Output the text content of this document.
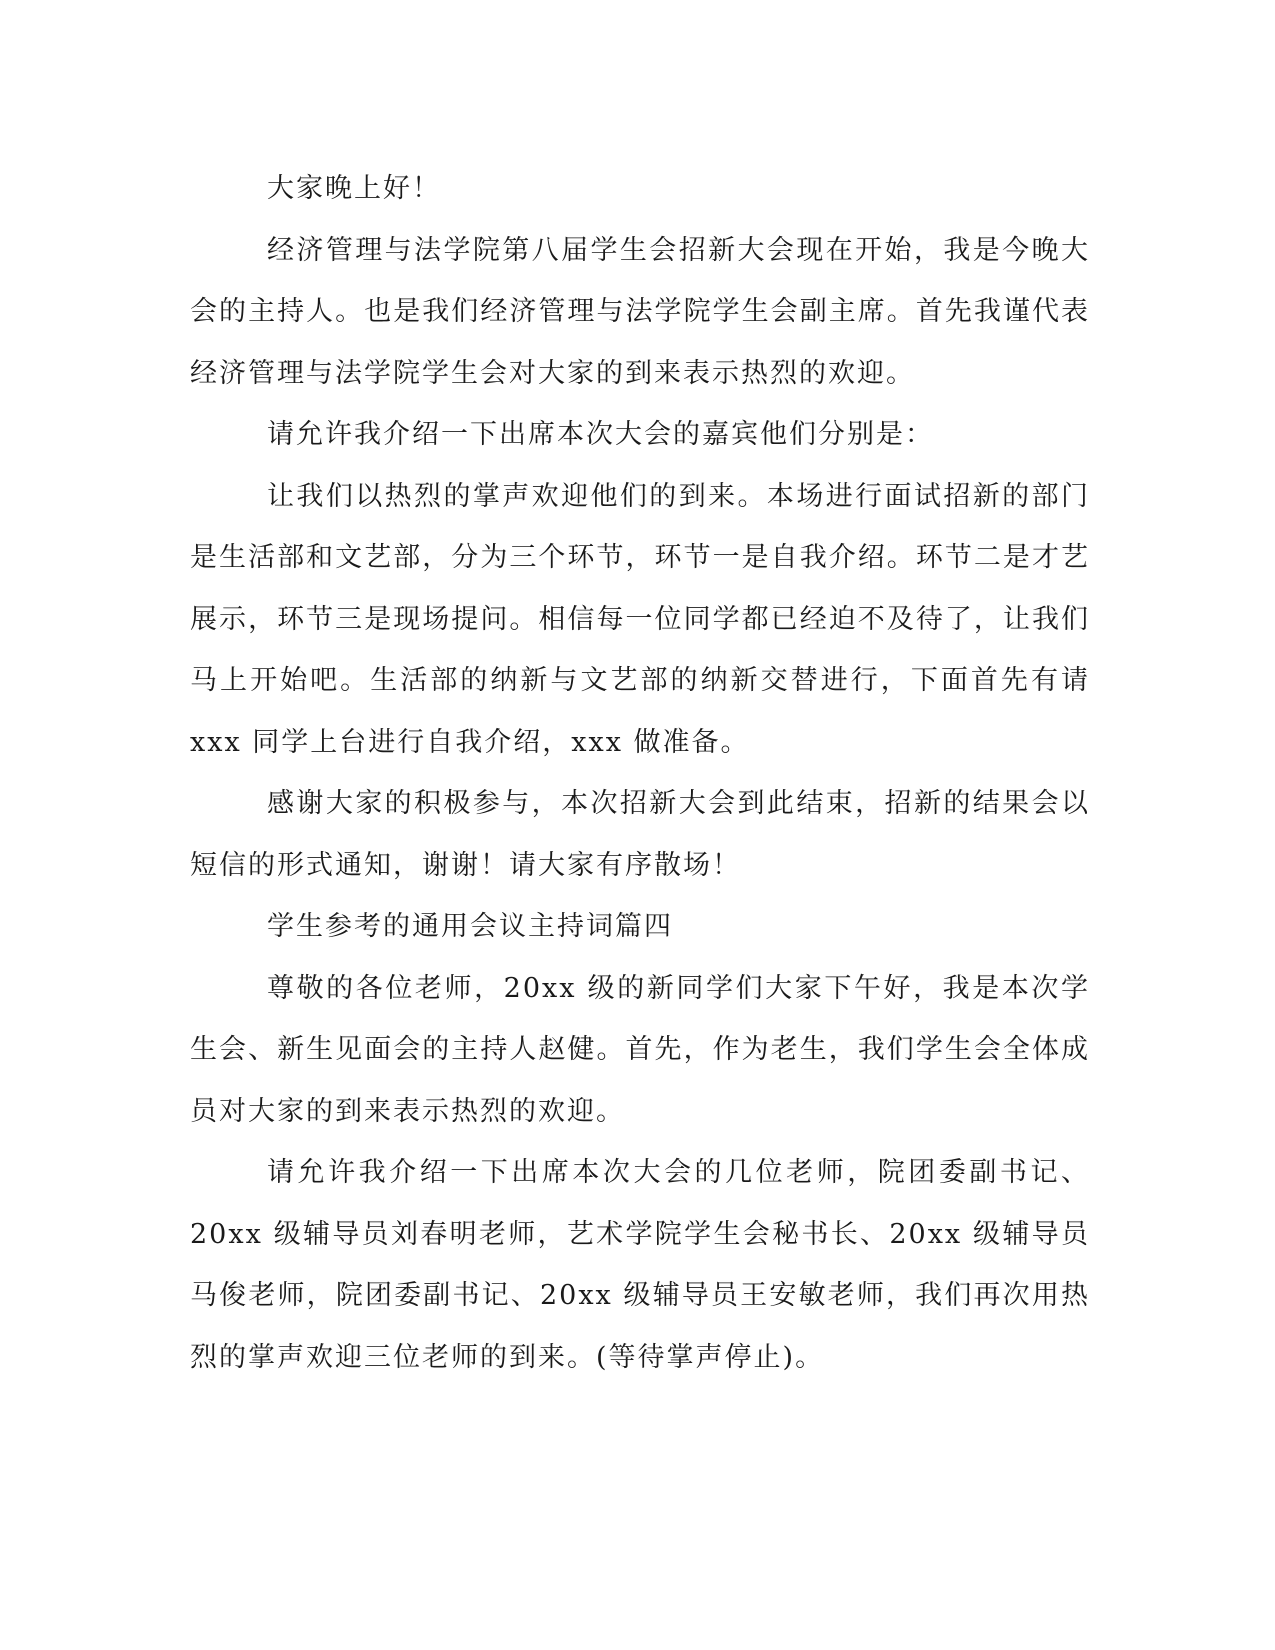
大家晚上好！

经济管理与法学院第八届学生会招新大会现在开始，我是今晚大会的主持人。也是我们经济管理与法学院学生会副主席。首先我谨代表经济管理与法学院学生会对大家的到来表示热烈的欢迎。

请允许我介绍一下出席本次大会的嘉宾他们分别是：

让我们以热烈的掌声欢迎他们的到来。本场进行面试招新的部门是生活部和文艺部，分为三个环节，环节一是自我介绍。环节二是才艺展示，环节三是现场提问。相信每一位同学都已经迫不及待了，让我们马上开始吧。生活部的纳新与文艺部的纳新交替进行，下面首先有请 xxx 同学上台进行自我介绍，xxx 做准备。

感谢大家的积极参与，本次招新大会到此结束，招新的结果会以短信的形式通知，谢谢！请大家有序散场！

学生参考的通用会议主持词篇四

尊敬的各位老师，20xx 级的新同学们大家下午好，我是本次学生会、新生见面会的主持人赵健。首先，作为老生，我们学生会全体成员对大家的到来表示热烈的欢迎。

请允许我介绍一下出席本次大会的几位老师，院团委副书记、20xx 级辅导员刘春明老师，艺术学院学生会秘书长、20xx 级辅导员马俊老师，院团委副书记、20xx 级辅导员王安敏老师，我们再次用热烈的掌声欢迎三位老师的到来。(等待掌声停止)。
